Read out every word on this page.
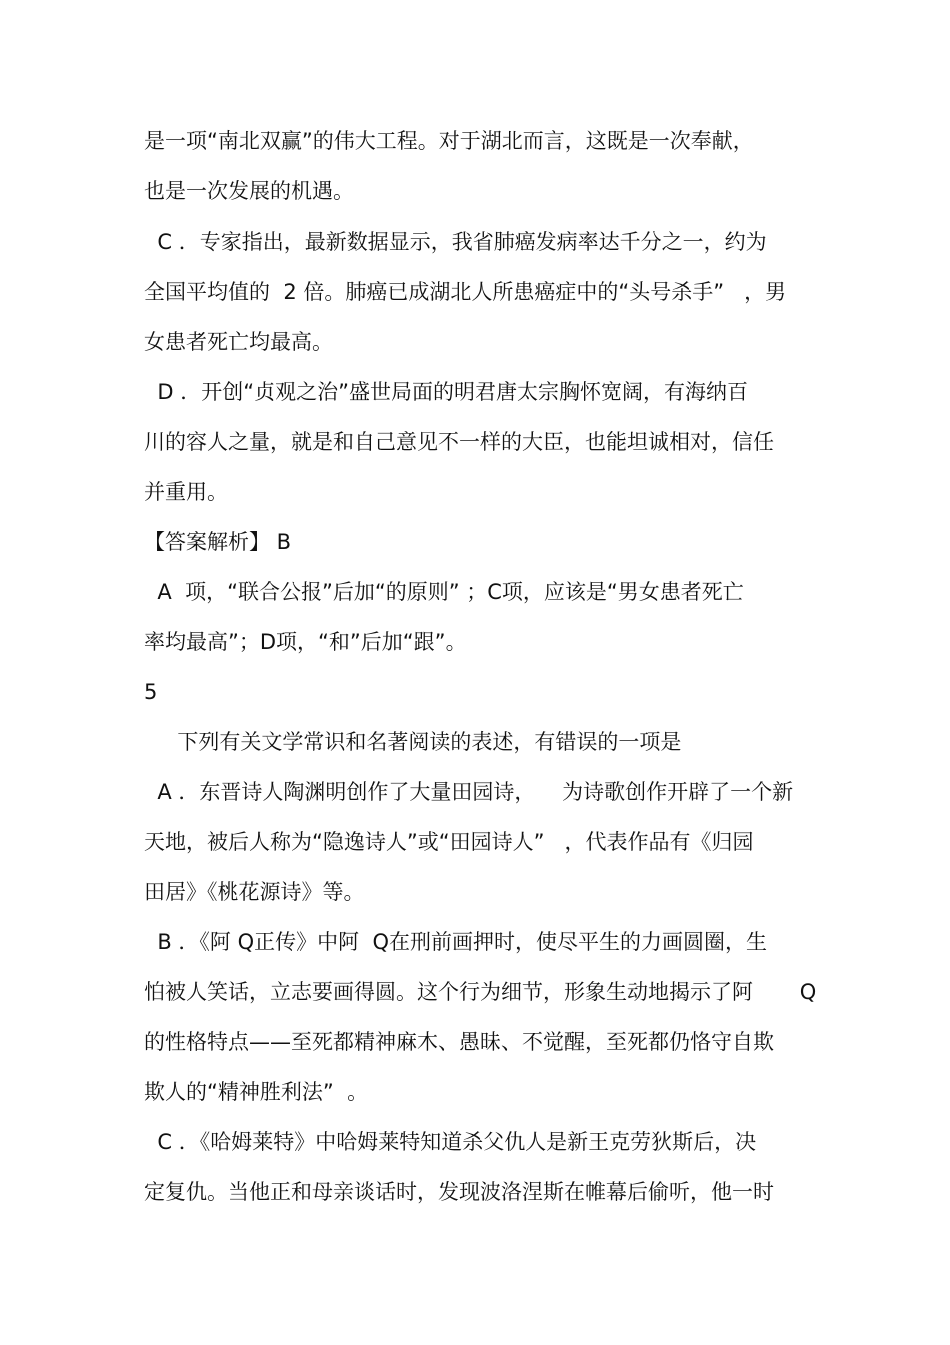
是一项“南北双赢”的伟大工程。对于湖北而言，这既是一次奉献，
也是一次发展的机遇。
C ．专家指出，最新数据显示，我省肺癌发病率达千分之一，约为
全国平均值的  2 倍。肺癌已成湖北人所患癌症中的“头号杀手”   ，男
女患者死亡均最高。
D ．开创“贞观之治”盛世局面的明君唐太宗胸怀宽阔，有海纳百
川的容人之量，就是和自己意见不一样的大臣，也能坦诚相对，信任
并重用。
【答案解析】 B
A  项，“联合公报”后加“的原则” ；C项，应该是“男女患者死亡
率均最高”；D项，“和”后加“跟”。
5
下列有关文学常识和名著阅读的表述，有错误的一项是
A ．东晋诗人陶渊明创作了大量田园诗，    为诗歌创作开辟了一个新
天地，被后人称为“隐逸诗人”或“田园诗人”   ，代表作品有《归园
田居》《桃花源诗》等。
B ．《阿 Q正传》中阿  Q在刑前画押时，使尽平生的力画圆圈，生
怕被人笑话，立志要画得圆。这个行为细节，形象生动地揭示了阿       Q
的性格特点——至死都精神麻木、愚昧、不觉醒，至死都仍恪守自欺
欺人的“精神胜利法”  。
C ．《哈姆莱特》中哈姆莱特知道杀父仇人是新王克劳狄斯后，决
定复仇。当他正和母亲谈话时，发现波洛涅斯在帷幕后偷听，他一时
